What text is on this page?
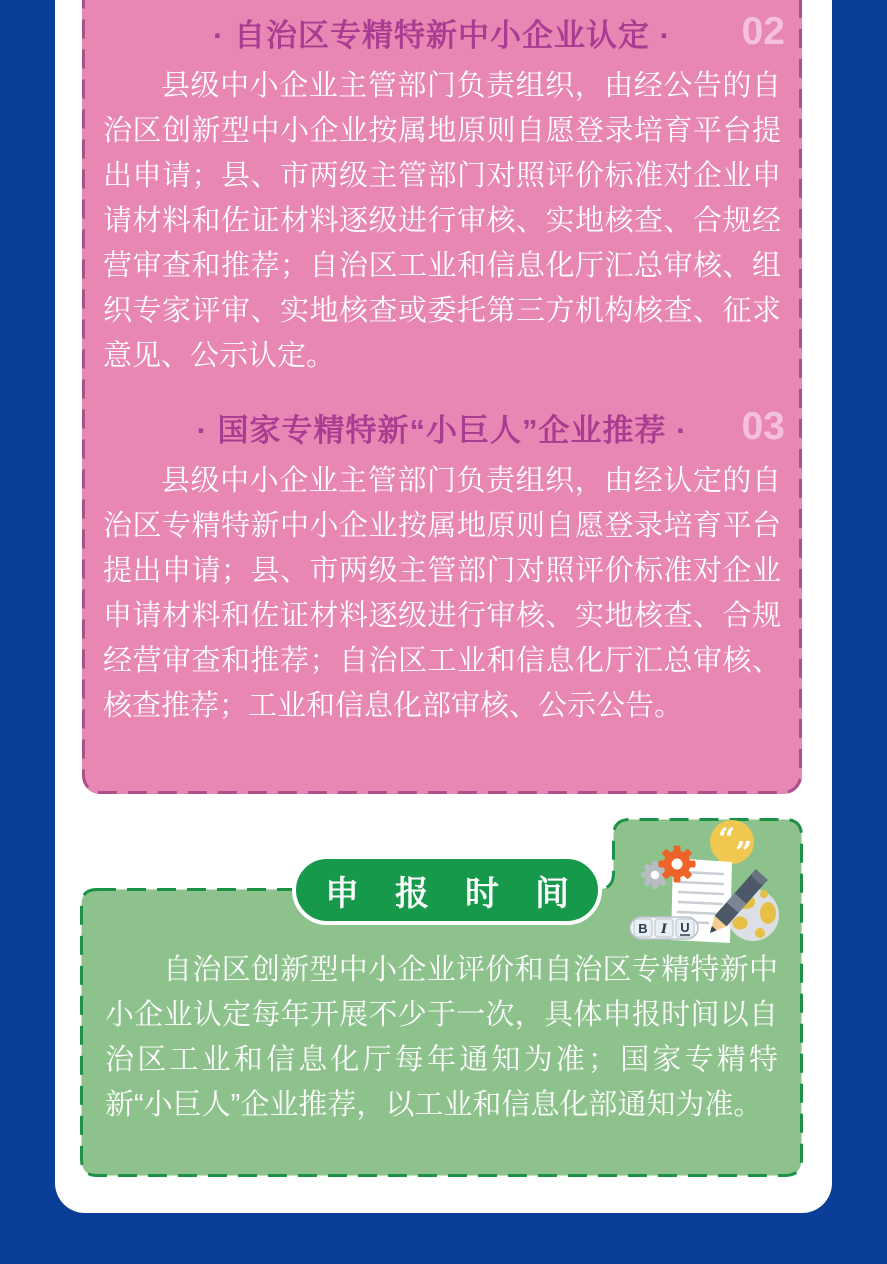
· 自治区专精特新中小企业认定 ·	02

县级中小企业主管部门负责组织，由经公告的自治区创新型中小企业按属地原则自愿登录培育平台提出申请；县、市两级主管部门对照评价标准对企业申请材料和佐证材料逐级进行审核、实地核查、合规经营审查和推荐；自治区工业和信息化厅汇总审核、组织专家评审、实地核查或委托第三方机构核查、征求意见、公示认定。

· 国家专精特新“小巨人”企业推荐 ·	03

县级中小企业主管部门负责组织，由经认定的自治区专精特新中小企业按属地原则自愿登录培育平台提出申请；县、市两级主管部门对照评价标准对企业申请材料和佐证材料逐级进行审核、实地核查、合规经营审查和推荐；自治区工业和信息化厅汇总审核、核查推荐；工业和信息化部审核、公示公告。

申报时间

自治区创新型中小企业评价和自治区专精特新中小企业认定每年开展不少于一次，具体申报时间以自治区工业和信息化厅每年通知为准；国家专精特新“小巨人”企业推荐，以工业和信息化部通知为准。

“ ”
B I U
